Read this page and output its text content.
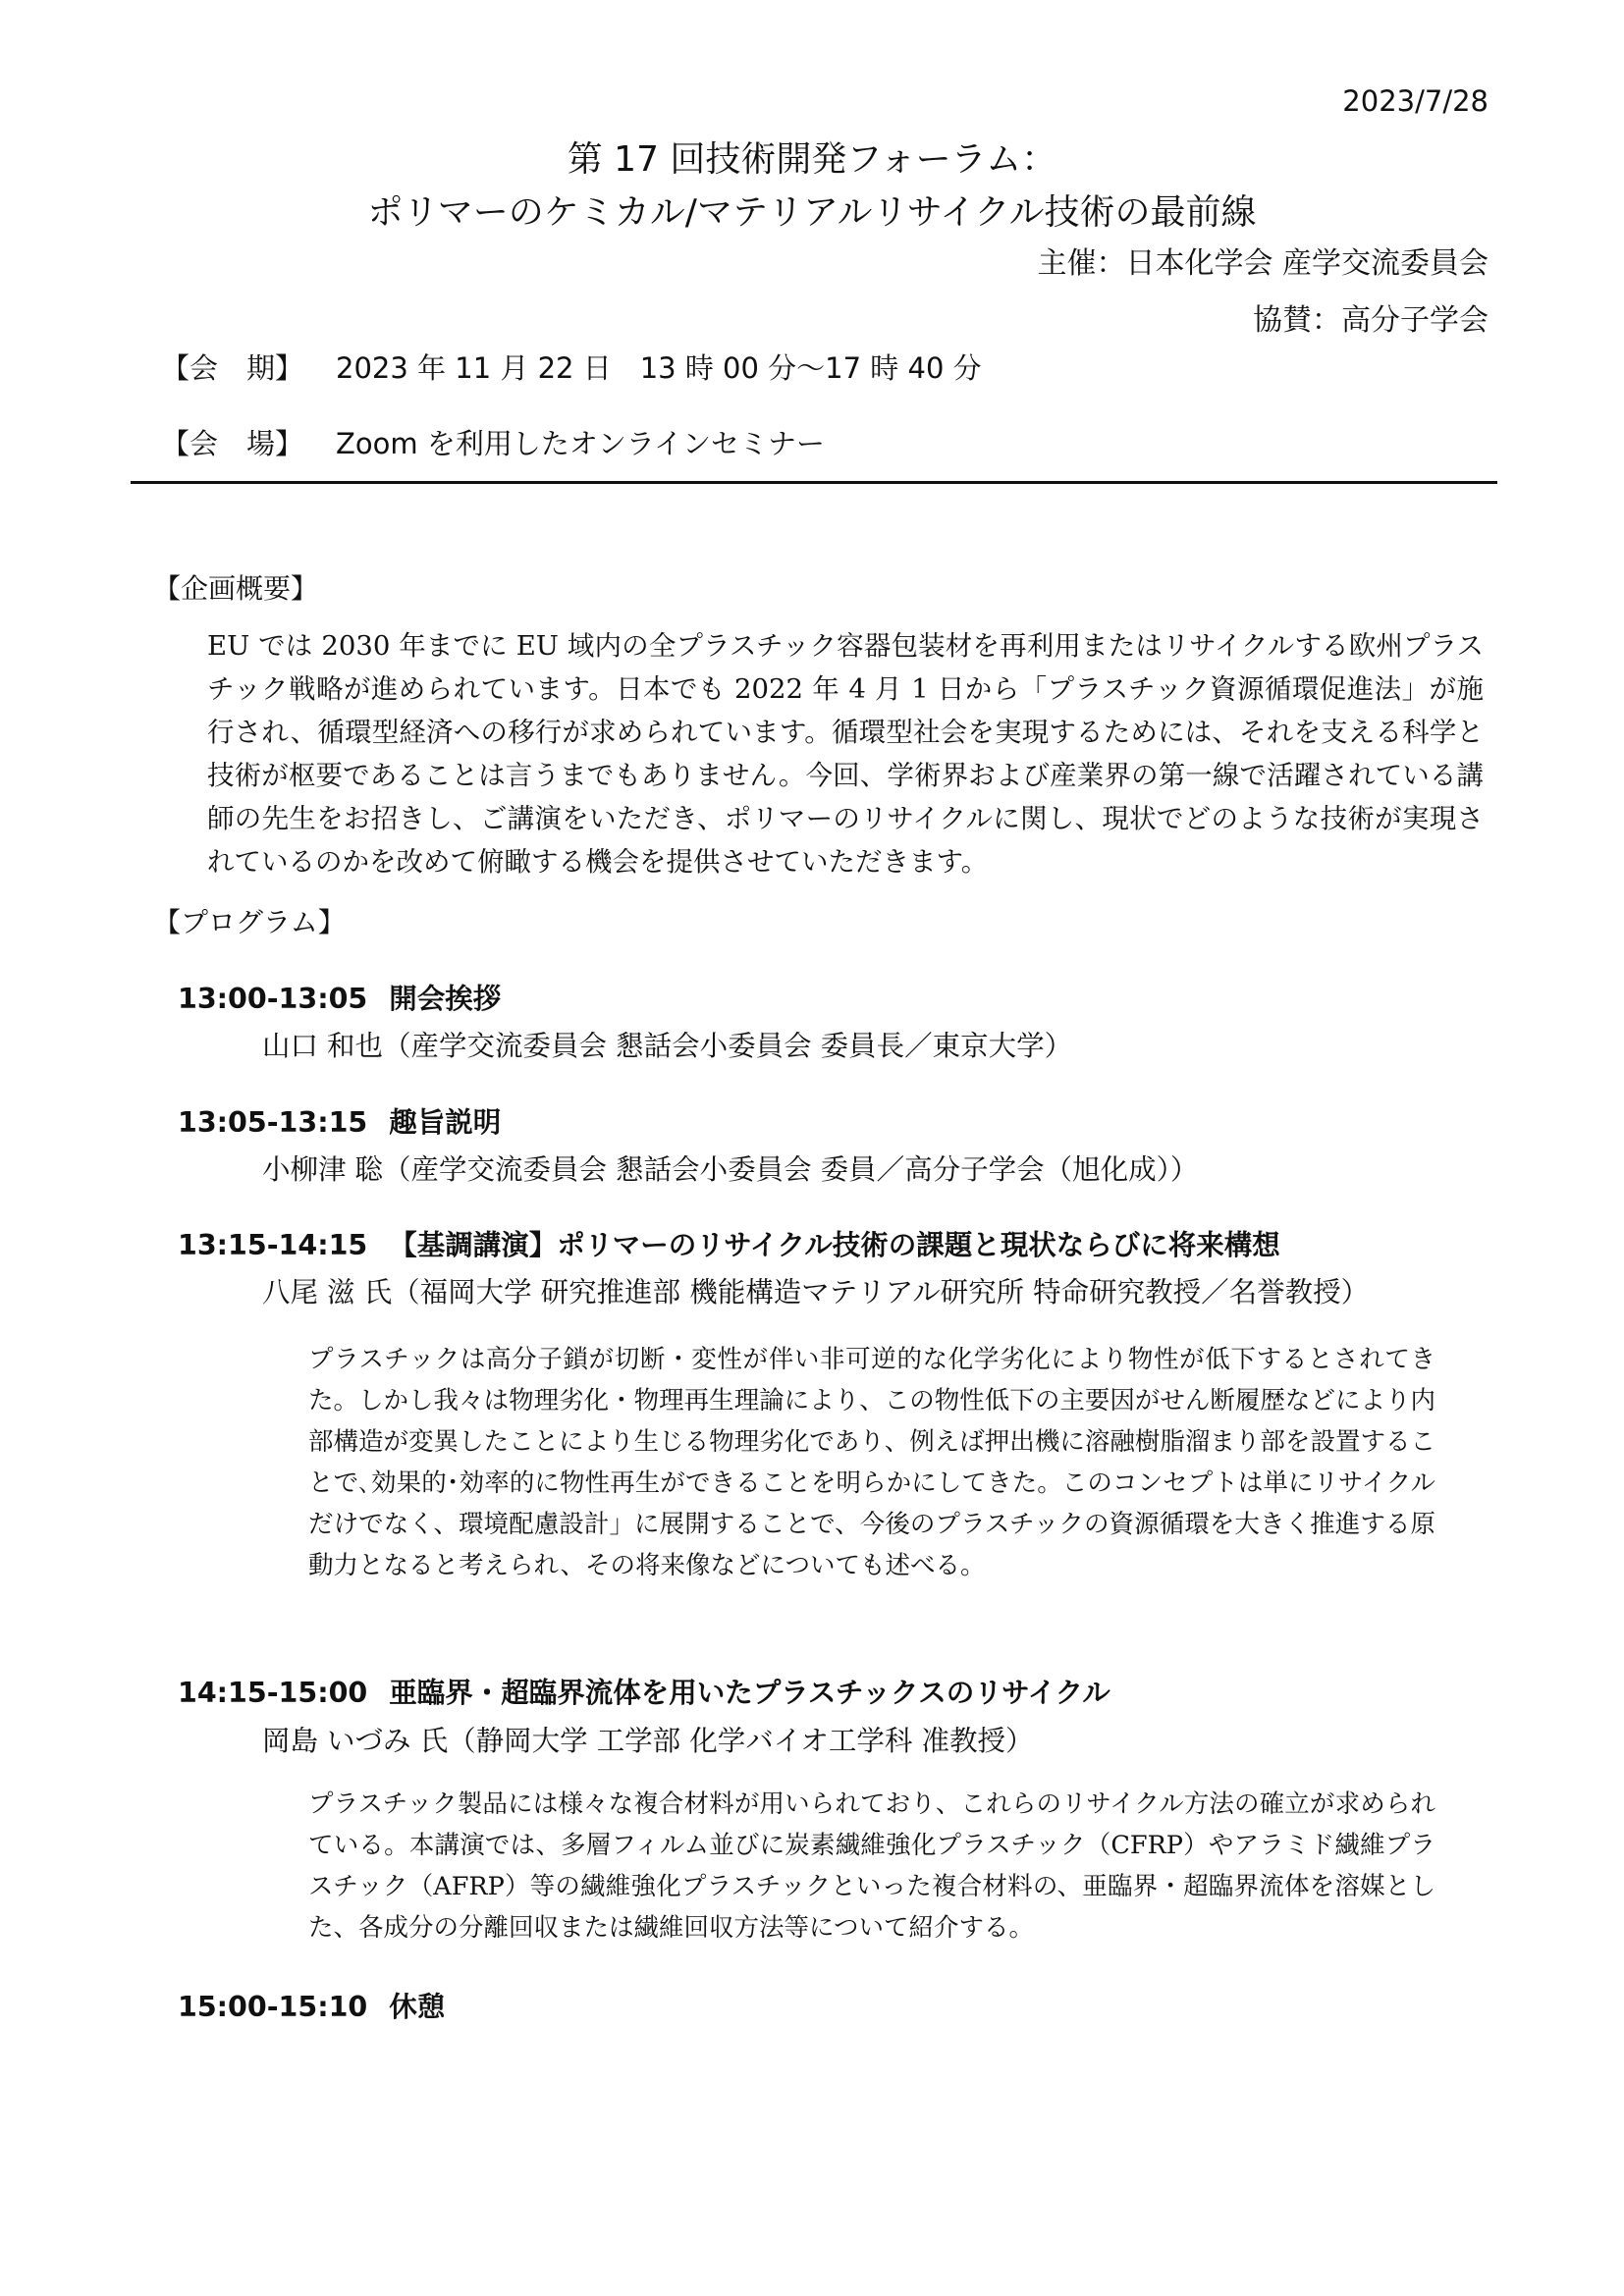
2023/7/28
第 17 回技術開発フォーラム：
ポリマーのケミカル/マテリアルリサイクル技術の最前線
主催：日本化学会 産学交流委員会
協賛：高分子学会
【会　期】 2023 年 11 月 22 日　13 時 00 分～17 時 40 分
【会　場】 Zoom を利用したオンラインセミナー
【企画概要】
EU では 2030 年までに EU 域内の全プラスチック容器包装材を再利用またはリサイクルする欧州プラスチック戦略が進められています。日本でも 2022 年 4 月 1 日から「プラスチック資源循環促進法」が施行され、循環型経済への移行が求められています。循環型社会を実現するためには、それを支える科学と技術が枢要であることは言うまでもありません。今回、学術界および産業界の第一線で活躍されている講師の先生をお招きし、ご講演をいただき、ポリマーのリサイクルに関し、現状でどのような技術が実現されているのかを改めて俯瞰する機会を提供させていただきます。
【プログラム】
13:00-13:05 開会挨拶
山口 和也（産学交流委員会 懇話会小委員会 委員長／東京大学）
13:05-13:15 趣旨説明
小柳津 聡（産学交流委員会 懇話会小委員会 委員／高分子学会（旭化成））
13:15-14:15 【基調講演】ポリマーのリサイクル技術の課題と現状ならびに将来構想
八尾 滋 氏（福岡大学 研究推進部 機能構造マテリアル研究所 特命研究教授／名誉教授）
プラスチックは高分子鎖が切断・変性が伴い非可逆的な化学劣化により物性が低下するとされてきた。しかし我々は物理劣化・物理再生理論により、この物性低下の主要因がせん断履歴などにより内部構造が変異したことにより生じる物理劣化であり、例えば押出機に溶融樹脂溜まり部を設置することで､効果的･効率的に物性再生ができることを明らかにしてきた。このコンセプトは単にリサイクルだけでなく、環境配慮設計」に展開することで、今後のプラスチックの資源循環を大きく推進する原動力となると考えられ、その将来像などについても述べる。
14:15-15:00 亜臨界・超臨界流体を用いたプラスチックスのリサイクル
岡島 いづみ 氏（静岡大学 工学部 化学バイオ工学科 准教授）
プラスチック製品には様々な複合材料が用いられており、これらのリサイクル方法の確立が求められている。本講演では、多層フィルム並びに炭素繊維強化プラスチック（CFRP）やアラミド繊維プラスチック（AFRP）等の繊維強化プラスチックといった複合材料の、亜臨界・超臨界流体を溶媒とした、各成分の分離回収または繊維回収方法等について紹介する。
15:00-15:10 休憩
